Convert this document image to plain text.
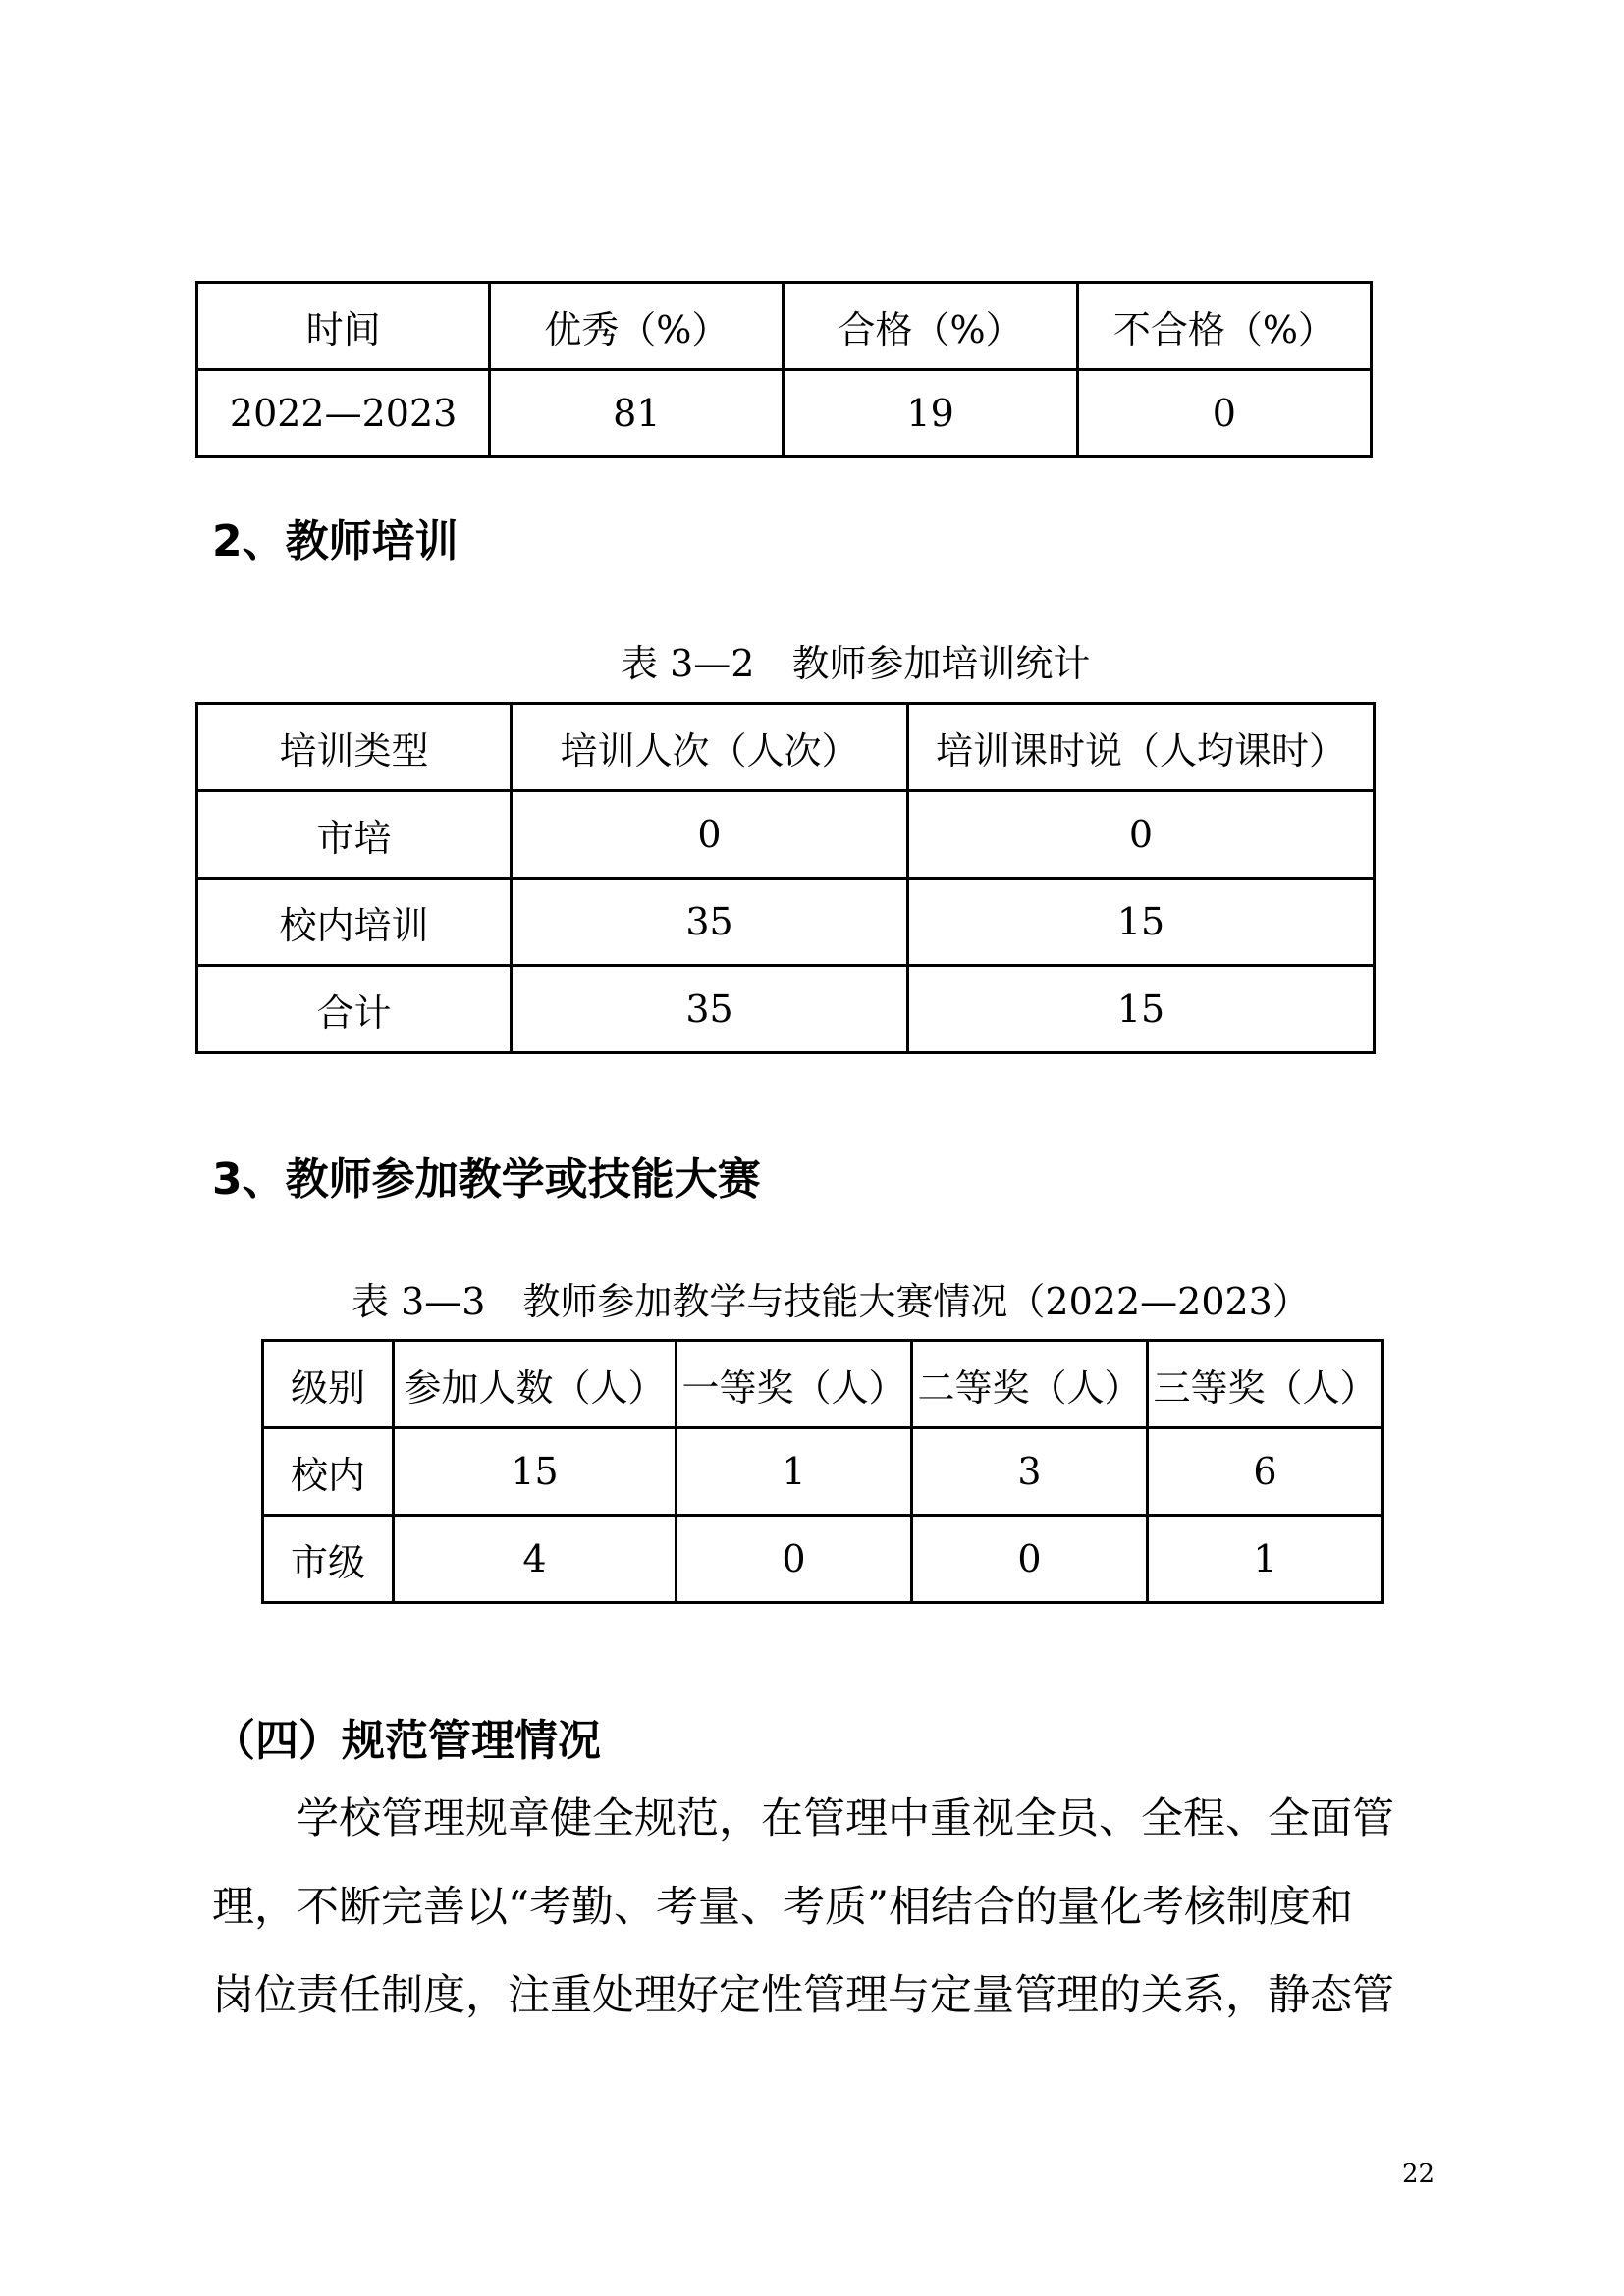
时间	优秀（%）	合格（%）	不合格（%）
2022—2023	81	19	0
2、教师培训
表 3—2　教师参加培训统计
培训类型	培训人次（人次）	培训课时说（人均课时）
市培	0	0
校内培训	35	15
合计	35	15
3、教师参加教学或技能大赛
表 3—3　教师参加教学与技能大赛情况（2022—2023）
级别	参加人数（人）	一等奖（人）	二等奖（人）	三等奖（人）
校内	15	1	3	6
市级	4	0	0	1
（四）规范管理情况
学校管理规章健全规范，在管理中重视全员、全程、全面管
理，不断完善以“考勤、考量、考质”相结合的量化考核制度和
岗位责任制度，注重处理好定性管理与定量管理的关系，静态管
22
